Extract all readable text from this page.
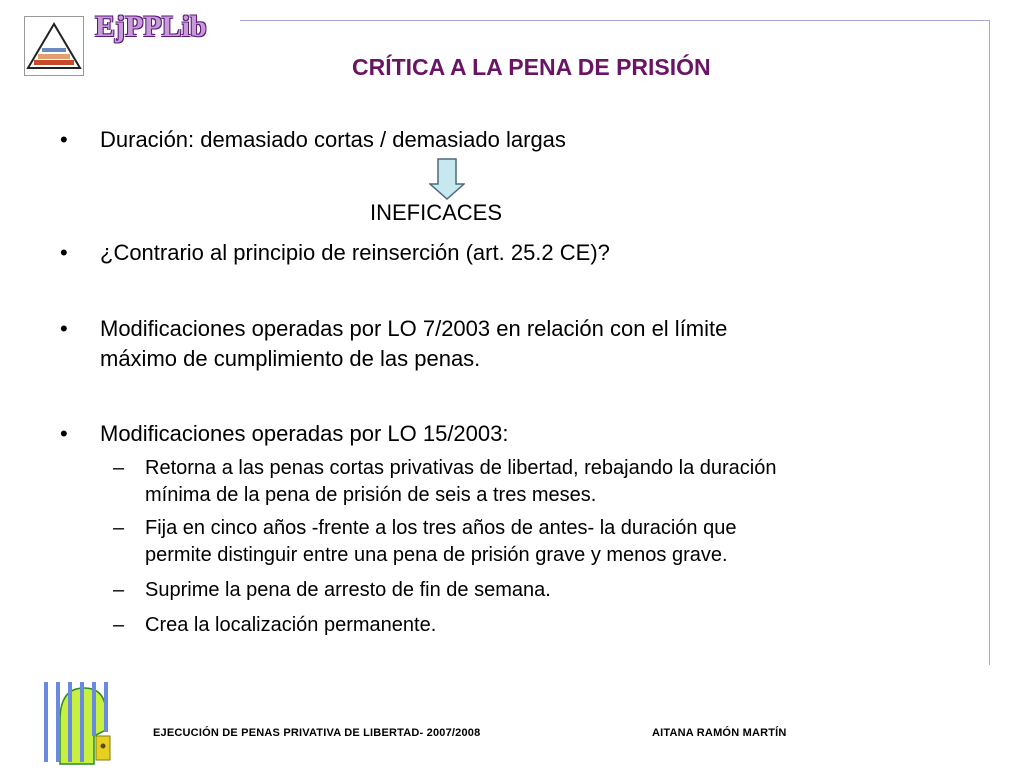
EjPPLib
CRÍTICA A LA PENA DE PRISIÓN
• Duración: demasiado cortas / demasiado largas
INEFICACES
• ¿Contrario al principio de reinserción (art. 25.2 CE)?
• Modificaciones operadas por LO 7/2003 en relación con el límite
máximo de cumplimiento de las penas.
• Modificaciones operadas por LO 15/2003:
– Retorna a las penas cortas privativas de libertad, rebajando la duración
mínima de la pena de prisión de seis a tres meses.
– Fija en cinco años -frente a los tres años de antes- la duración que
permite distinguir entre una pena de prisión grave y menos grave.
– Suprime la pena de arresto de fin de semana.
– Crea la localización permanente.
EJECUCIÓN DE PENAS PRIVATIVA DE LIBERTAD- 2007/2008	AITANA RAMÓN MARTÍN
